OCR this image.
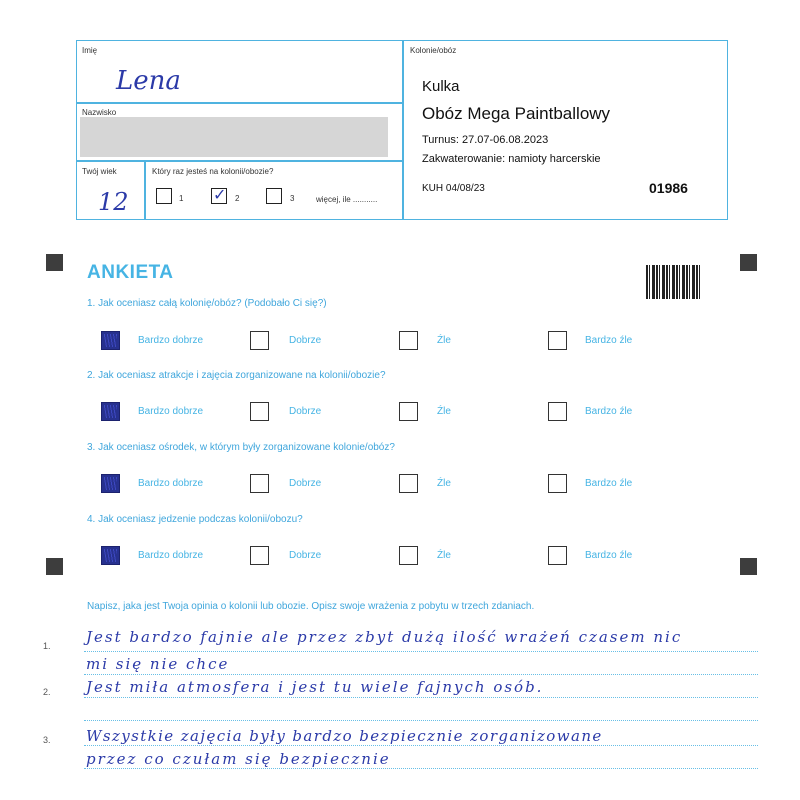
Imię
Lena
Nazwisko
Twój wiek
12
Który raz jesteś na kolonii/obozie?
1
✓	2	3	więcej, ile ...........
Kolonie/obóz
Kulka
Obóz Mega Paintballowy
Turnus: 27.07-06.08.2023
Zakwaterowanie: namioty harcerskie
KUH 04/08/23	01986
ANKIETA
1. Jak oceniasz całą kolonię/obóz? (Podobało Ci się?)
Bardzo dobrze	Dobrze	Źle	Bardzo źle
2. Jak oceniasz atrakcje i zajęcia zorganizowane na kolonii/obozie?
Bardzo dobrze	Dobrze	Źle	Bardzo źle
3. Jak oceniasz ośrodek, w którym były zorganizowane kolonie/obóz?
Bardzo dobrze	Dobrze	Źle	Bardzo źle
4. Jak oceniasz jedzenie podczas kolonii/obozu?
Bardzo dobrze	Dobrze	Źle	Bardzo źle
Napisz, jaka jest Twoja opinia o kolonii lub obozie. Opisz swoje wrażenia z pobytu w trzech zdaniach.
1.
2.
3.
Jest bardzo fajnie ale przez zbyt dużą ilość wrażeń czasem nic
mi się nie chce
Jest miła atmosfera i jest tu wiele fajnych osób.
Wszystkie zajęcia były bardzo bezpiecznie zorganizowane
przez co czułam się bezpiecznie
